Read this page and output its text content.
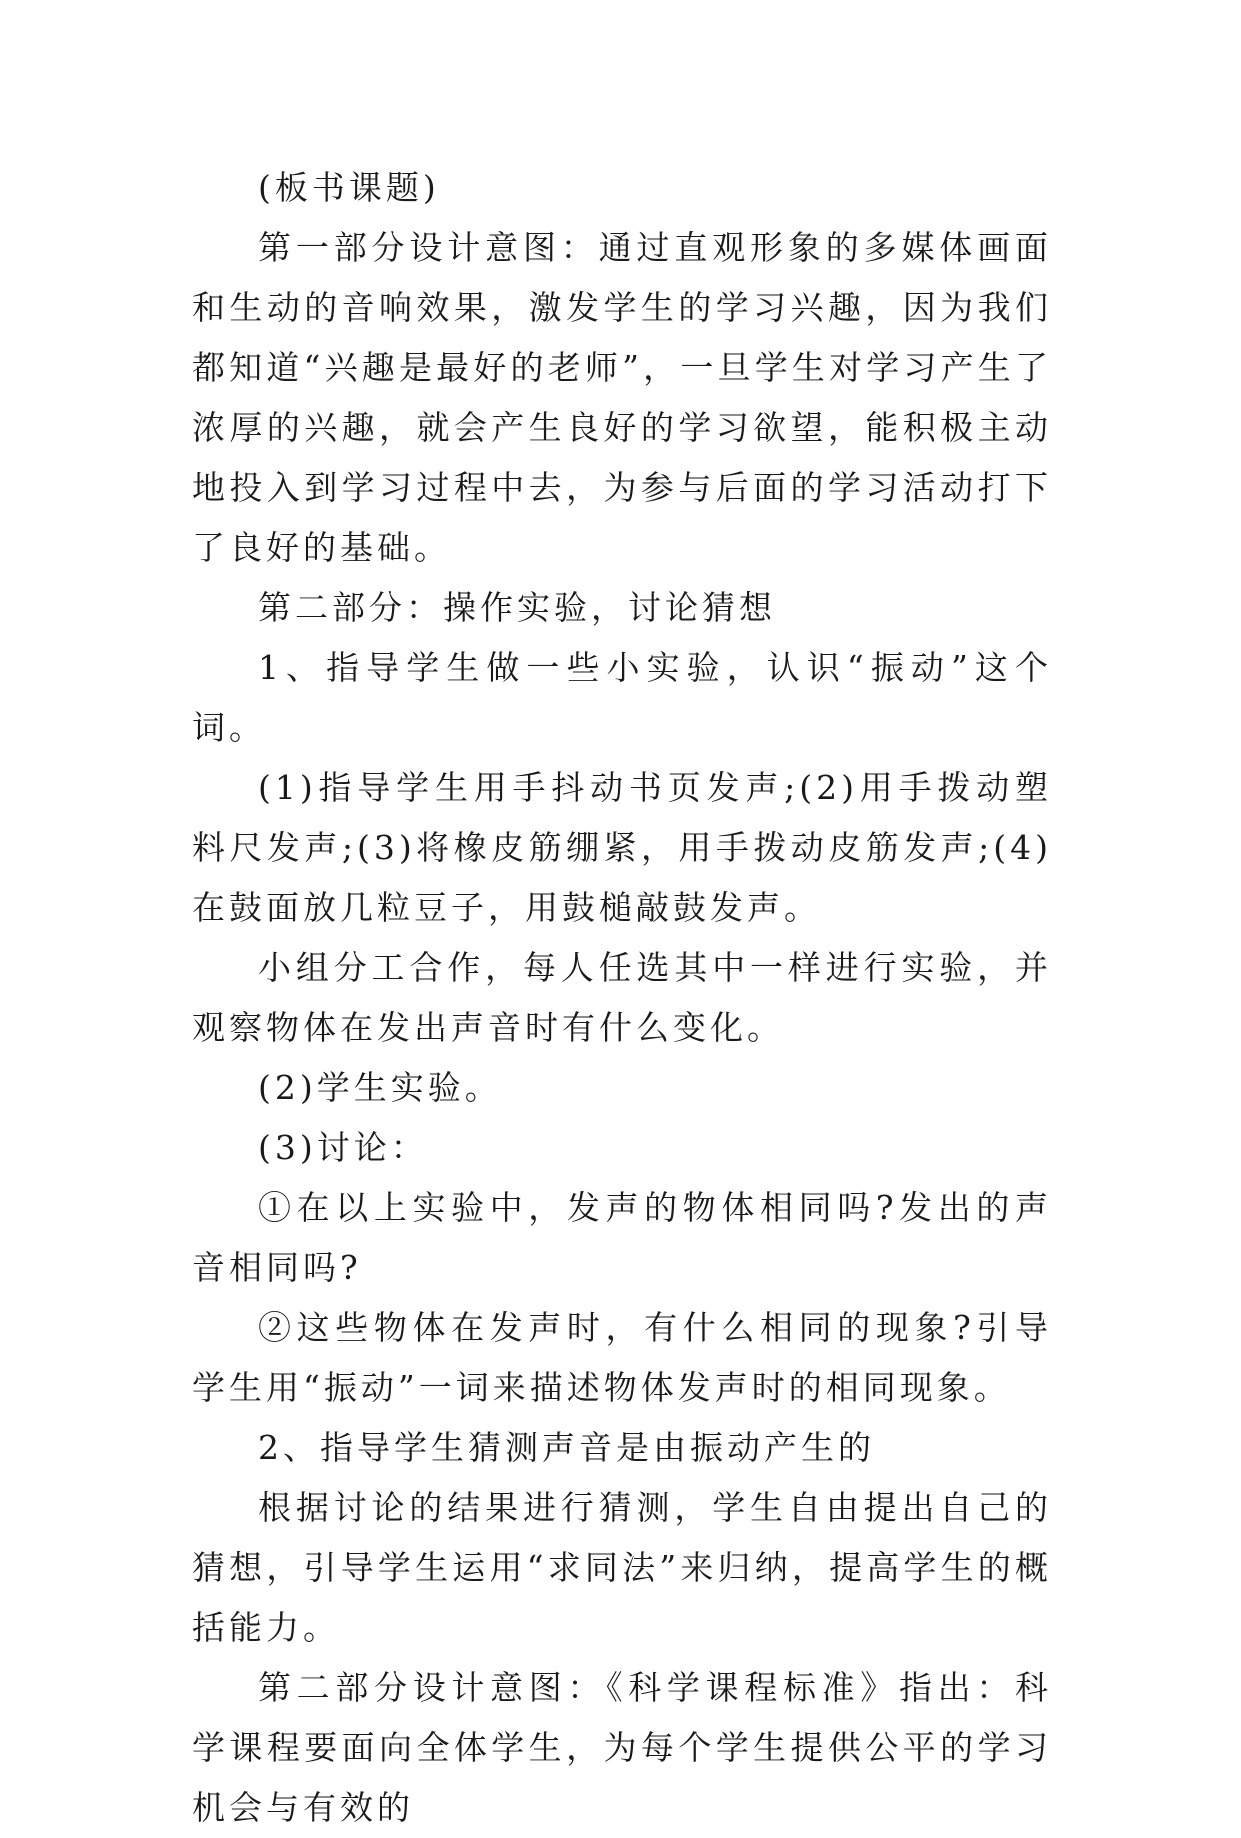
(板书课题)

第一部分设计意图：通过直观形象的多媒体画面和生动的音响效果，激发学生的学习兴趣，因为我们都知道“兴趣是最好的老师”，一旦学生对学习产生了浓厚的兴趣，就会产生良好的学习欲望，能积极主动地投入到学习过程中去，为参与后面的学习活动打下了良好的基础。

第二部分：操作实验，讨论猜想

1、指导学生做一些小实验，认识“振动”这个词。

(1)指导学生用手抖动书页发声;(2)用手拨动塑料尺发声;(3)将橡皮筋绷紧，用手拨动皮筋发声;(4)在鼓面放几粒豆子，用鼓槌敲鼓发声。

小组分工合作，每人任选其中一样进行实验，并观察物体在发出声音时有什么变化。

(2)学生实验。

(3)讨论：

①在以上实验中，发声的物体相同吗?发出的声音相同吗?

②这些物体在发声时，有什么相同的现象?引导学生用“振动”一词来描述物体发声时的相同现象。

2、指导学生猜测声音是由振动产生的

根据讨论的结果进行猜测，学生自由提出自己的猜想，引导学生运用“求同法”来归纳，提高学生的概括能力。

第二部分设计意图：《科学课程标准》指出：科学课程要面向全体学生，为每个学生提供公平的学习机会与有效的
